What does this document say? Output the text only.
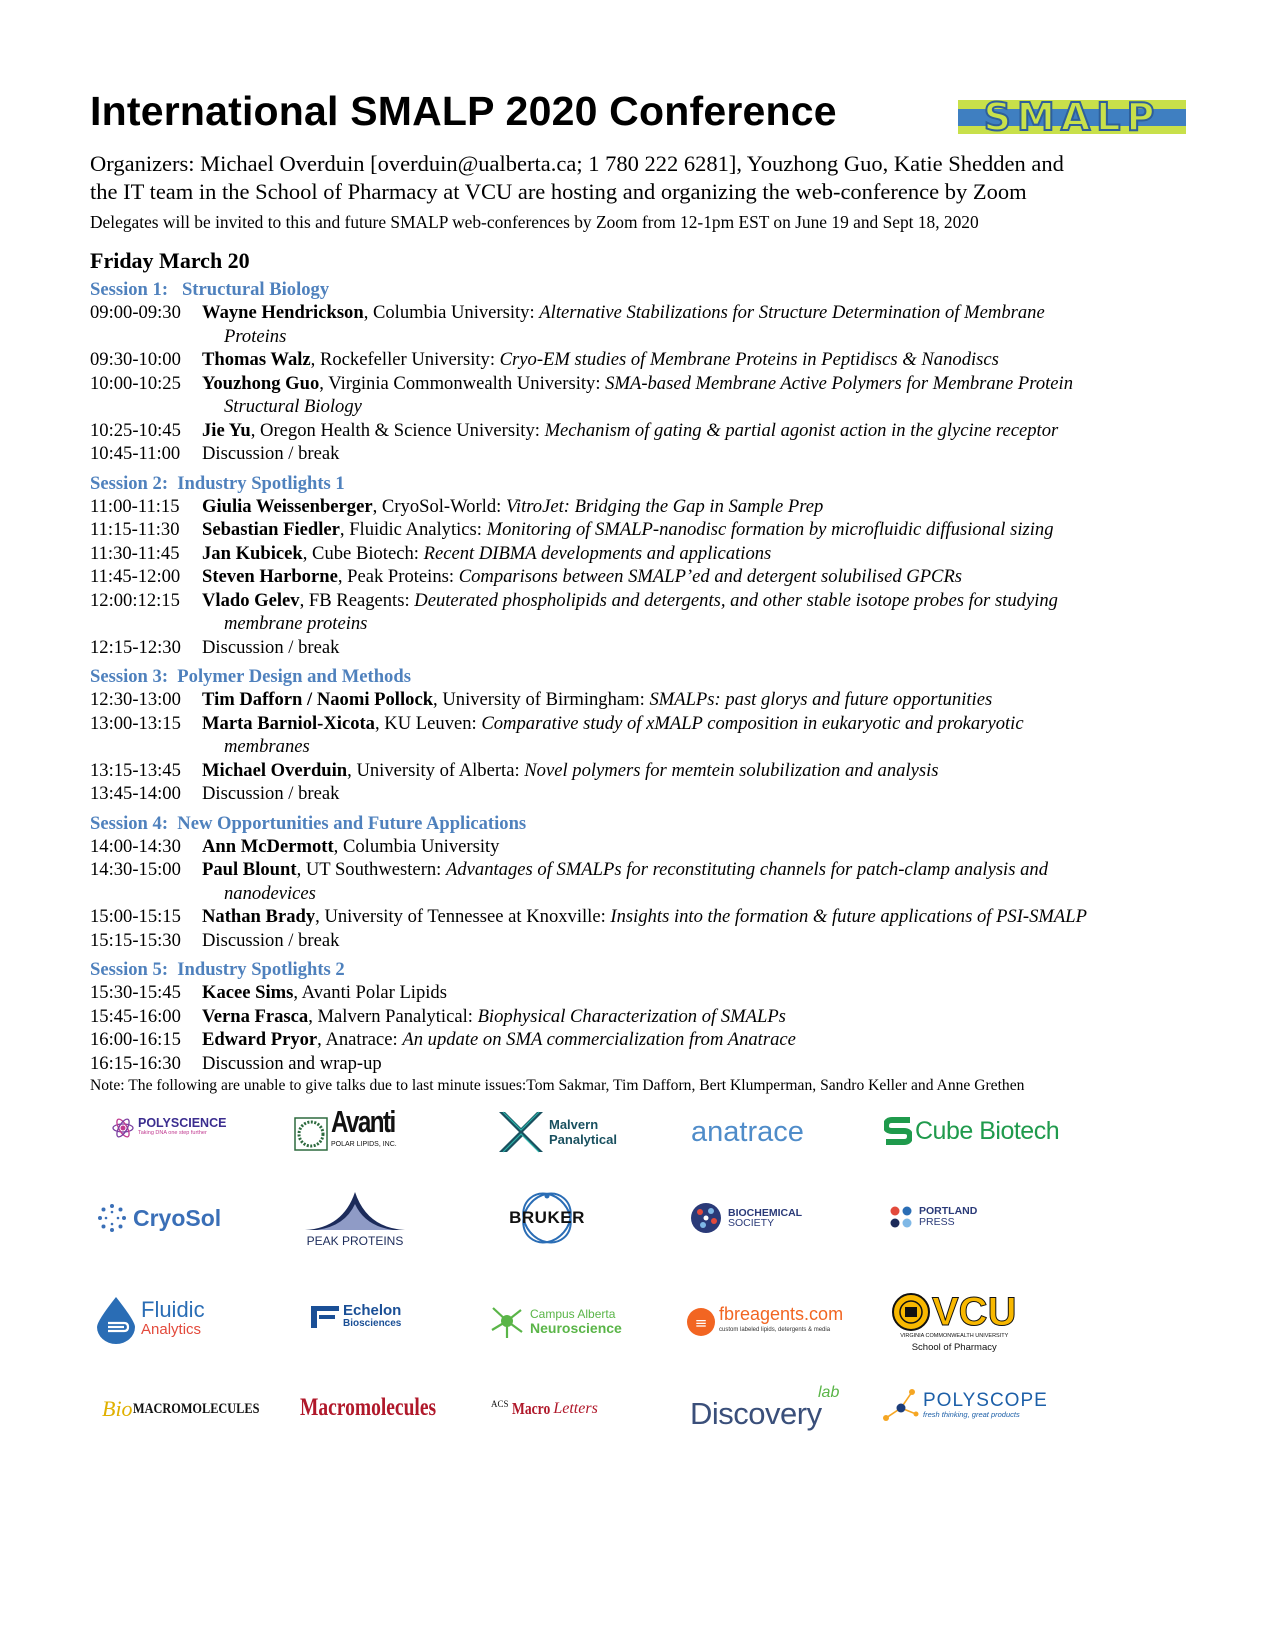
International SMALP 2020 Conference	SMALP
Organizers: Michael Overduin [overduin@ualberta.ca; 1 780 222 6281], Youzhong Guo, Katie Shedden and
the IT team in the School of Pharmacy at VCU are hosting and organizing the web-conference by Zoom
Delegates will be invited to this and future SMALP web-conferences by Zoom from 12-1pm EST on June 19 and Sept 18, 2020
Friday March 20
Session 1:   Structural Biology
09:00-09:30	Wayne Hendrickson, Columbia University: Alternative Stabilizations for Structure Determination of Membrane
Proteins
09:30-10:00	Thomas Walz, Rockefeller University: Cryo-EM studies of Membrane Proteins in Peptidiscs & Nanodiscs
10:00-10:25	Youzhong Guo, Virginia Commonwealth University: SMA-based Membrane Active Polymers for Membrane Protein
Structural Biology
10:25-10:45	Jie Yu, Oregon Health & Science University: Mechanism of gating & partial agonist action in the glycine receptor
10:45-11:00	Discussion / break
Session 2:  Industry Spotlights 1
11:00-11:15	Giulia Weissenberger, CryoSol-World: VitroJet: Bridging the Gap in Sample Prep
11:15-11:30	Sebastian Fiedler, Fluidic Analytics: Monitoring of SMALP-nanodisc formation by microfluidic diffusional sizing
11:30-11:45	Jan Kubicek, Cube Biotech: Recent DIBMA developments and applications
11:45-12:00	Steven Harborne, Peak Proteins: Comparisons between SMALP’ed and detergent solubilised GPCRs
12:00:12:15	Vlado Gelev, FB Reagents: Deuterated phospholipids and detergents, and other stable isotope probes for studying
membrane proteins
12:15-12:30	Discussion / break
Session 3:  Polymer Design and Methods
12:30-13:00	Tim Dafforn / Naomi Pollock, University of Birmingham: SMALPs: past glorys and future opportunities
13:00-13:15	Marta Barniol-Xicota, KU Leuven: Comparative study of xMALP composition in eukaryotic and prokaryotic
membranes
13:15-13:45	Michael Overduin, University of Alberta: Novel polymers for memtein solubilization and analysis
13:45-14:00	Discussion / break
Session 4:  New Opportunities and Future Applications
14:00-14:30	Ann McDermott, Columbia University
14:30-15:00	Paul Blount, UT Southwestern: Advantages of SMALPs for reconstituting channels for patch-clamp analysis and
nanodevices
15:00-15:15	Nathan Brady, University of Tennessee at Knoxville: Insights into the formation & future applications of PSI-SMALP
15:15-15:30	Discussion / break
Session 5:  Industry Spotlights 2
15:30-15:45	Kacee Sims, Avanti Polar Lipids
15:45-16:00	Verna Frasca, Malvern Panalytical: Biophysical Characterization of SMALPs
16:00-16:15	Edward Pryor, Anatrace: An update on SMA commercialization from Anatrace
16:15-16:30	Discussion and wrap-up
Note: The following are unable to give talks due to last minute issues:Tom Sakmar, Tim Dafforn, Bert Klumperman, Sandro Keller and Anne Grethen
POLYSCIENCE
Taking DNA one step further	Avanti
POLAR LIPIDS, INC.
Malvern
Panalytical	anatrace	Cube Biotech
CryoSol
PEAK PROTEINS
BRUKER	BIOCHEMICAL
SOCIETY
PORTLAND
PRESS
Fluidic
Analytics
Echelon
Biosciences
Campus Alberta
Neuroscience	≡ fbreagents.com
custom labeled lipids, detergents & media	VCU
VIRGINIA COMMONWEALTH UNIVERSITY
School of Pharmacy
Bio MACROMOLECULES Macromolecules	ACS Macro Letters	Discovery
lab	POLYSCOPE
fresh thinking, great products
